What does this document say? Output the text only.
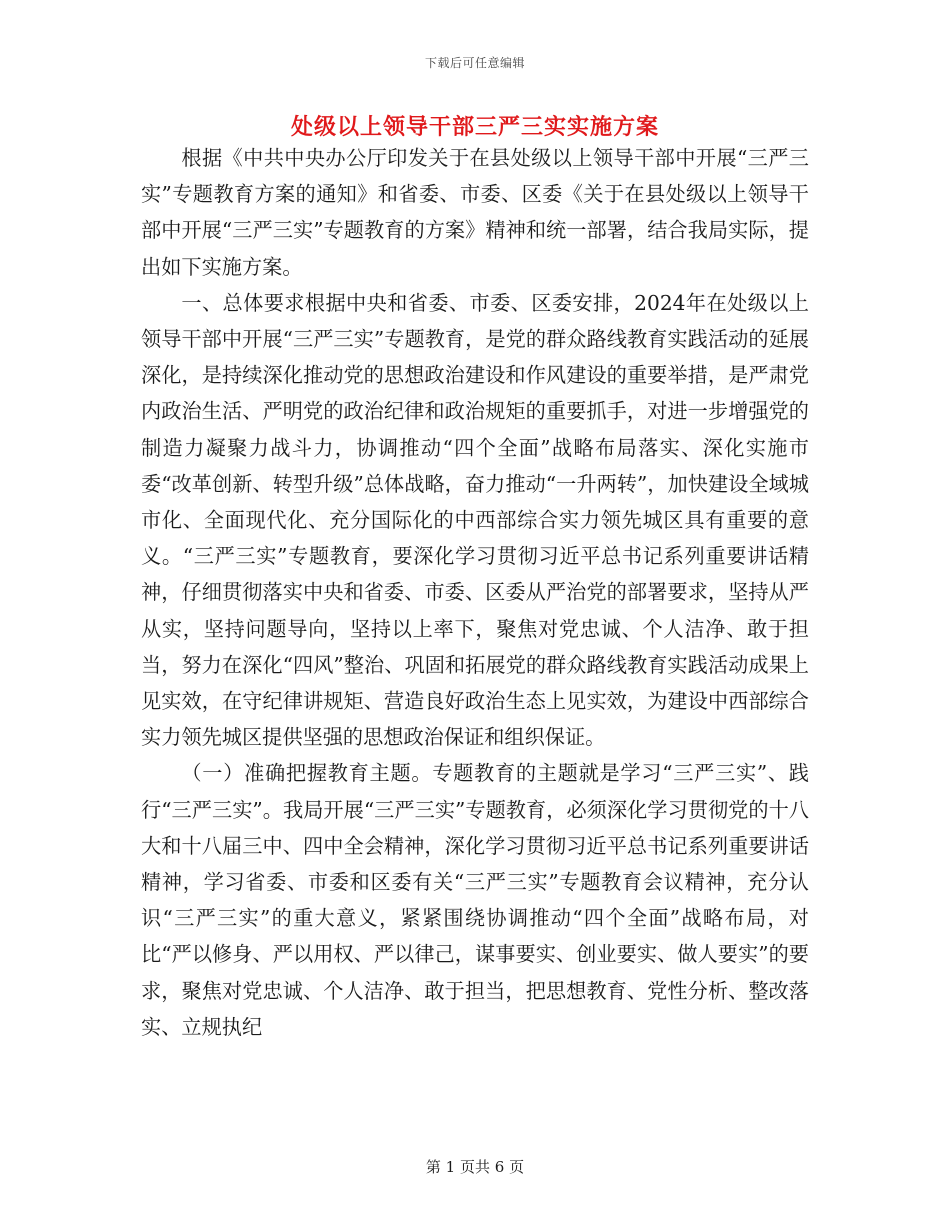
下载后可任意编辑
处级以上领导干部三严三实实施方案

根据《中共中央办公厅印发关于在县处级以上领导干部中开展“三严三实”专题教育方案的通知》和省委、市委、区委《关于在县处级以上领导干部中开展“三严三实”专题教育的方案》精神和统一部署，结合我局实际，提出如下实施方案。

一、总体要求根据中央和省委、市委、区委安排，2024年在处级以上领导干部中开展“三严三实”专题教育，是党的群众路线教育实践活动的延展深化，是持续深化推动党的思想政治建设和作风建设的重要举措，是严肃党内政治生活、严明党的政治纪律和政治规矩的重要抓手，对进一步增强党的制造力凝聚力战斗力，协调推动“四个全面”战略布局落实、深化实施市委“改革创新、转型升级”总体战略，奋力推动“一升两转”，加快建设全域城市化、全面现代化、充分国际化的中西部综合实力领先城区具有重要的意义。“三严三实”专题教育，要深化学习贯彻习近平总书记系列重要讲话精神，仔细贯彻落实中央和省委、市委、区委从严治党的部署要求，坚持从严从实，坚持问题导向，坚持以上率下，聚焦对党忠诚、个人洁净、敢于担当，努力在深化“四风”整治、巩固和拓展党的群众路线教育实践活动成果上见实效，在守纪律讲规矩、营造良好政治生态上见实效，为建设中西部综合实力领先城区提供坚强的思想政治保证和组织保证。

（一）准确把握教育主题。专题教育的主题就是学习“三严三实”、践行“三严三实”。我局开展“三严三实”专题教育，必须深化学习贯彻党的十八大和十八届三中、四中全会精神，深化学习贯彻习近平总书记系列重要讲话精神，学习省委、市委和区委有关“三严三实”专题教育会议精神，充分认识“三严三实”的重大意义，紧紧围绕协调推动“四个全面”战略布局，对比“严以修身、严以用权、严以律己，谋事要实、创业要实、做人要实”的要求，聚焦对党忠诚、个人洁净、敢于担当，把思想教育、党性分析、整改落实、立规执纪

第 1 页共 6 页
